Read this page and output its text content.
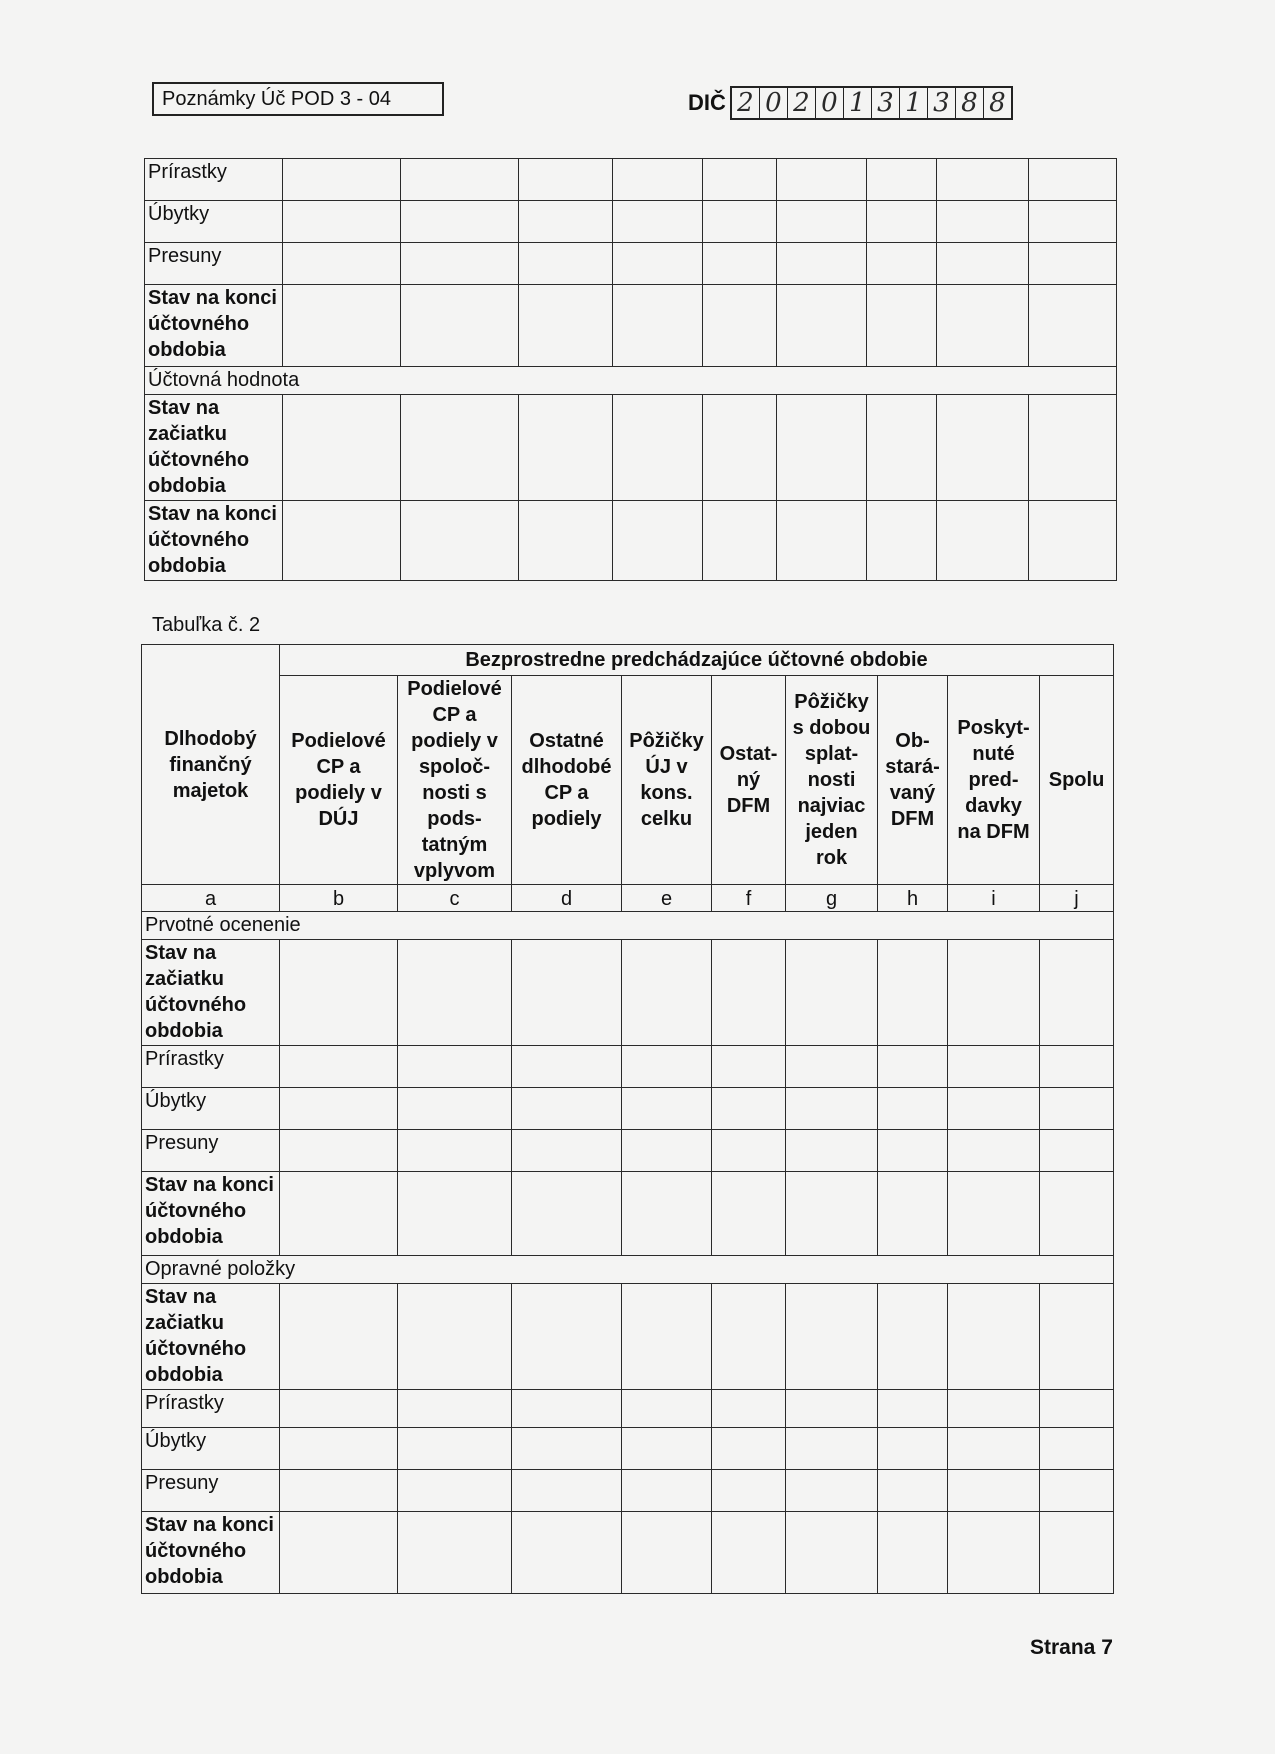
Poznámky Úč POD 3 - 04	DIČ 2 0 2 0 1 3 1 3 8 8
Prírastky									
Úbytky									
Presuny									
Stav na konci účtovného obdobia									
Účtovná hodnota									
Stav na začiatku účtovného obdobia									
Stav na konci účtovného obdobia									
Tabuľka č. 2
Dlhodobý finančný majetok	Bezprostredne predchádzajúce účtovné obdobie								
	Podielové CP a podiely v DÚJ	Podielové CP a podiely v spoloč- nosti s pods- tatným vplyvom	Ostatné dlhodobé CP a podiely	Pôžičky ÚJ v kons. celku	Ostat- ný DFM	Pôžičky s dobou splat- nosti najviac jeden rok	Ob- stará- vaný DFM	Poskyt- nuté pred- davky na DFM	Spolu
a	b	c	d	e	f	g	h	i	j
Prvotné ocenenie									
Stav na začiatku účtovného obdobia									
Prírastky									
Úbytky									
Presuny									
Stav na konci účtovného obdobia									
Opravné položky									
Stav na začiatku účtovného obdobia									
Prírastky									
Úbytky									
Presuny									
Stav na konci účtovného obdobia									
Strana 7
